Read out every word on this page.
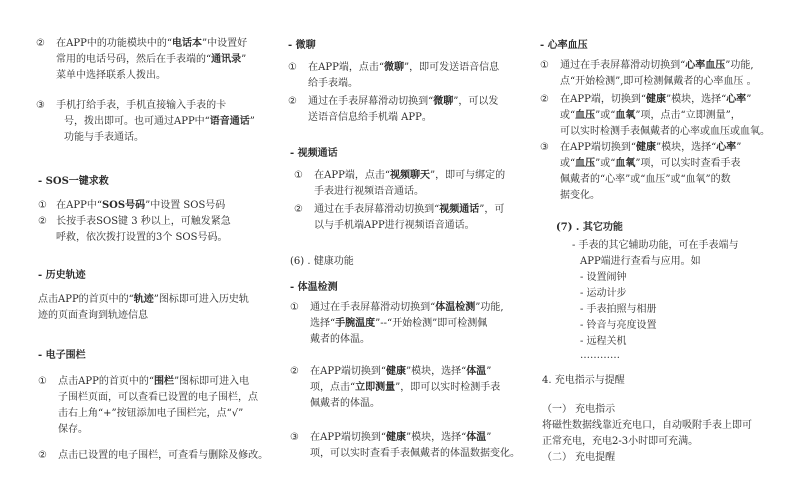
② 在APP中的功能模块中的“电话本”中设置好
常用的电话号码，然后在手表端的“通讯录”
菜单中选择联系人拨出。
③ 手机打给手表，手机直接输入手表的卡
号，拨出即可。也可通过APP中“语音通话”
功能与手表通话。
- SOS一键求救
① 在APP中“SOS号码”中设置 SOS号码
② 长按手表SOS键 3 秒以上，可触发紧急
呼救，依次拨打设置的3个 SOS号码。
- 历史轨迹
点击APP的首页中的“轨迹”图标即可进入历史轨
迹的页面查询到轨迹信息
- 电子围栏
① 点击APP的首页中的“围栏”图标即可进入电
子围栏页面，可以查看已设置的电子围栏，点
击右上角“+”按钮添加电子围栏完，点“√”
保存。
② 点击已设置的电子围栏，可查看与删除及修改。
- 微聊
① 在APP端，点击“微聊”，即可发送语音信息
给手表端。
② 通过在手表屏幕滑动切换到“微聊”，可以发
送语音信息给手机端 APP。
- 视频通话
① 在APP端，点击“视频聊天”，即可与绑定的
手表进行视频语音通话。
② 通过在手表屏幕滑动切换到“视频通话”，可
以与手机端APP进行视频语音通话。
(6) . 健康功能
- 体温检测
① 通过在手表屏幕滑动切换到“体温检测”功能,
选择“手腕温度”--“开始检测”即可检测佩
戴者的体温。
② 在APP端切换到“健康”模块，选择“体温”
项，点击“立即测量”，即可以实时检测手表
佩戴者的体温。
③ 在APP端切换到“健康”模块，选择“体温”
项，可以实时查看手表佩戴者的体温数据变化。
- 心率血压
① 通过在手表屏幕滑动切换到“心率血压”功能,
点“开始检测”,即可检测佩戴者的心率血压 。
② 在APP端，切换到“健康”模块，选择“心率”
或“血压”或“血氧”项，点击“立即测量”，
可以实时检测手表佩戴者的心率或血压或血氧。
③ 在APP端切换到“健康”模块，选择“心率”
或“血压”或“血氧”项，可以实时查看手表
佩戴者的“心率”或“血压”或“血氧”的数
据变化。
(7) . 其它功能
- 手表的其它辅助功能，可在手表端与
APP端进行查看与应用。如
- 设置闹钟
- 运动计步
- 手表拍照与相册
- 铃音与亮度设置
- 远程关机
…………
4. 充电指示与提醒
（一） 充电指示
将磁性数据线靠近充电口，自动吸附手表上即可
正常充电，充电2-3小时即可充满。
（二） 充电提醒
